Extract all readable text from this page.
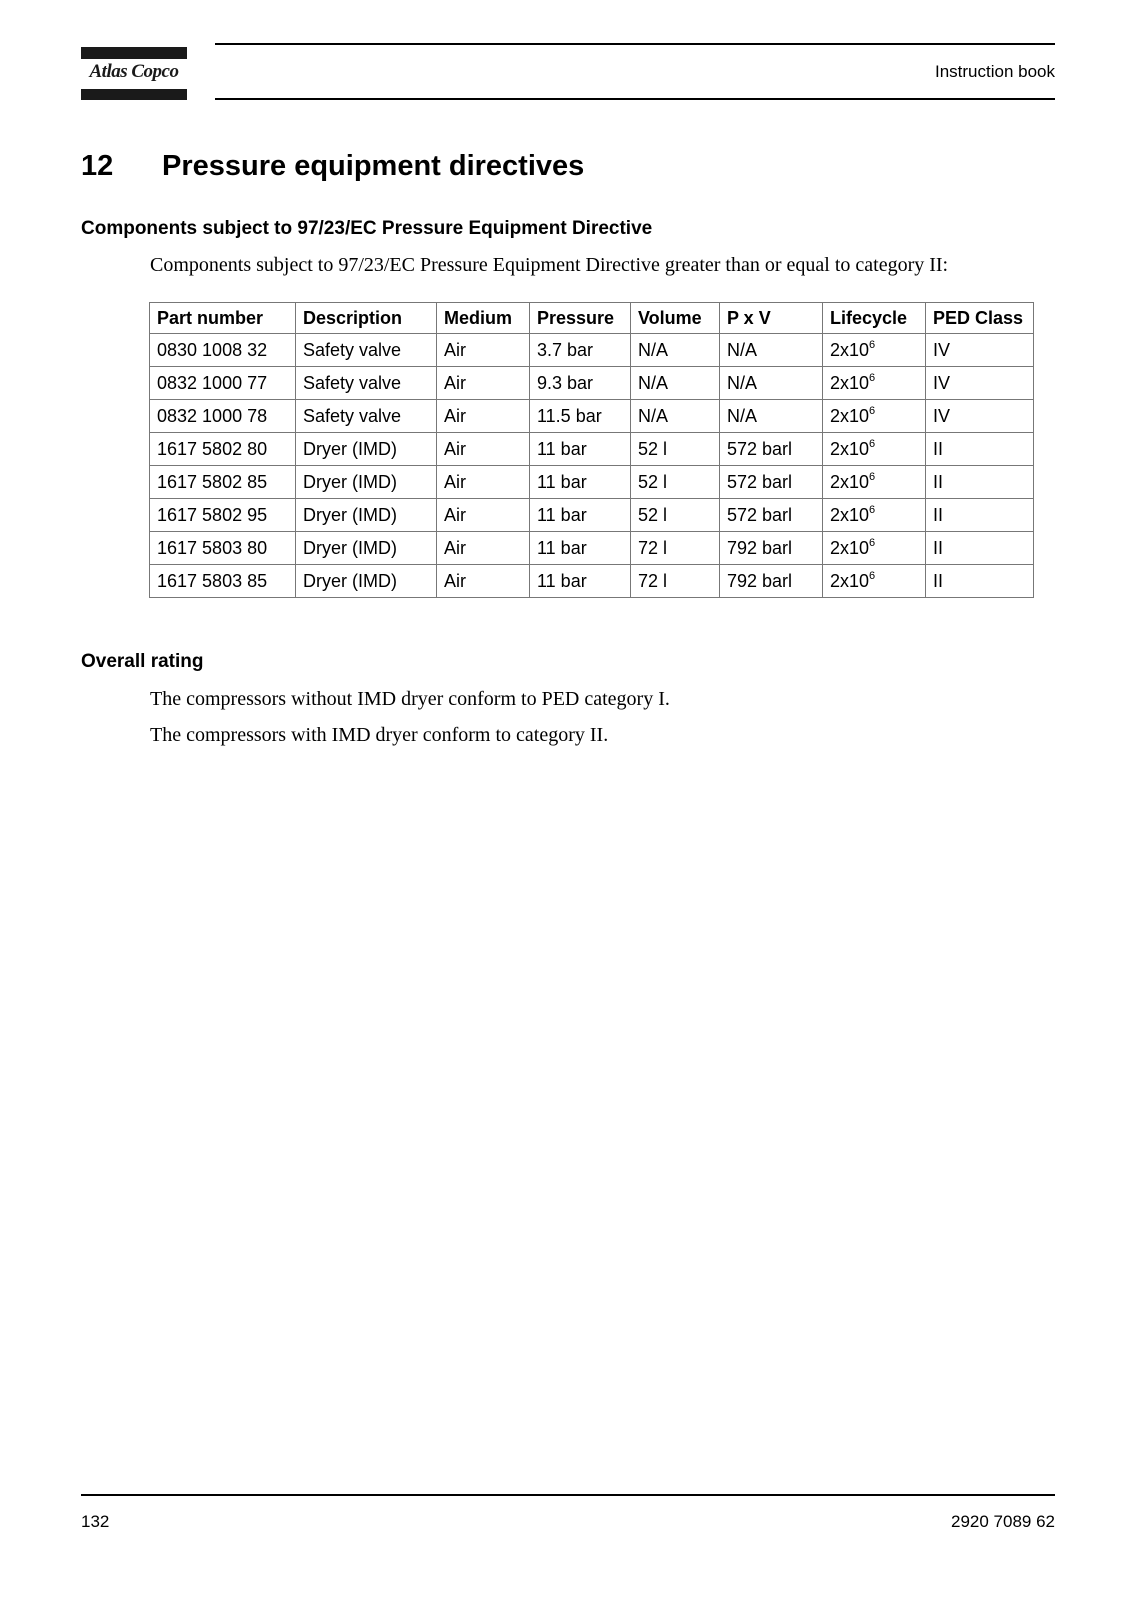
Atlas Copco	Instruction book
12 Pressure equipment directives
Components subject to 97/23/EC Pressure Equipment Directive
Components subject to 97/23/EC Pressure Equipment Directive greater than or equal to category II:
Part number	Description	Medium	Pressure	Volume	P x V	Lifecycle	PED Class
0830 1008 32	Safety valve	Air	3.7 bar	N/A	N/A	$2x10^6$	IV
0832 1000 77	Safety valve	Air	9.3 bar	N/A	N/A	$2x10^6$	IV
0832 1000 78	Safety valve	Air	11.5 bar	N/A	N/A	$2x10^6$	IV
1617 5802 80	Dryer (IMD)	Air	11 bar	52 l	572 barl	$2x10^6$	II
1617 5802 85	Dryer (IMD)	Air	11 bar	52 l	572 barl	$2x10^6$	II
1617 5802 95	Dryer (IMD)	Air	11 bar	52 l	572 barl	$2x10^6$	II
1617 5803 80	Dryer (IMD)	Air	11 bar	72 l	792 barl	$2x10^6$	II
1617 5803 85	Dryer (IMD)	Air	11 bar	72 l	792 barl	$2x10^6$	II
Overall rating
The compressors without IMD dryer conform to PED category I.
The compressors with IMD dryer conform to category II.
132	2920 7089 62
